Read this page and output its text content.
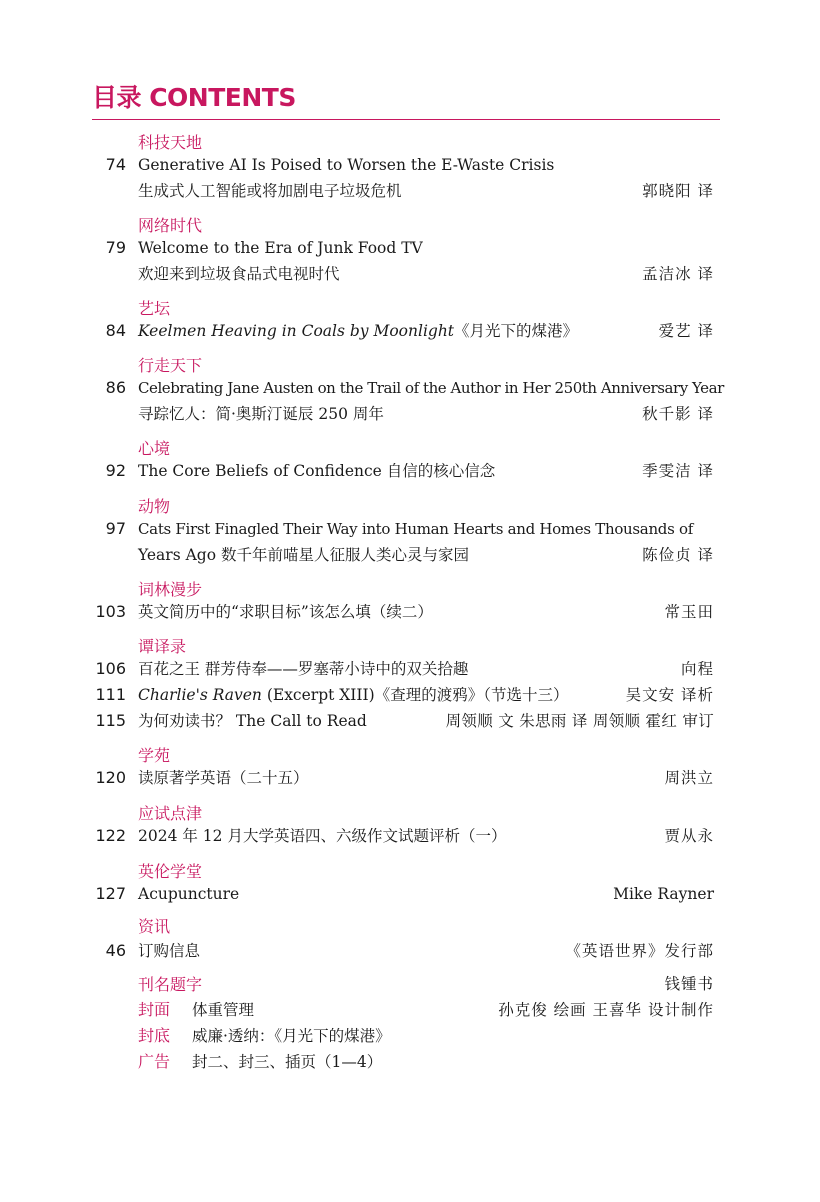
目录 CONTENTS
科技天地
74 Generative AI Is Poised to Worsen the E-Waste Crisis
生成式人工智能或将加剧电子垃圾危机	郭晓阳 译
网络时代
79 Welcome to the Era of Junk Food TV
欢迎来到垃圾食品式电视时代	孟洁冰 译
艺坛
84 Keelmen Heaving in Coals by Moonlight《月光下的煤港》	爱艺 译
行走天下
86 Celebrating Jane Austen on the Trail of the Author in Her 250th Anniversary Year
寻踪忆人：简·奥斯汀诞辰 250 周年	秋千影 译
心境
92 The Core Beliefs of Confidence 自信的核心信念	季雯洁 译
动物
97 Cats First Finagled Their Way into Human Hearts and Homes Thousands of
Years Ago 数千年前喵星人征服人类心灵与家园	陈俭贞 译
词林漫步
103 英文简历中的“求职目标”该怎么填（续二）	常玉田
谭译录
106 百花之王 群芳侍奉——罗塞蒂小诗中的双关拾趣	向程
111 Charlie's Raven (Excerpt XIII)《查理的渡鸦》（节选十三）	吴文安 译析
115 为何劝读书？ The Call to Read	周领顺 文 朱思雨 译 周领顺 霍红 审订
学苑
120 读原著学英语（二十五）	周洪立
应试点津
122 2024 年 12 月大学英语四、六级作文试题评析（一）	贾从永
英伦学堂
127 Acupuncture	Mike Rayner
资讯
46 订购信息	《英语世界》发行部
刊名题字	钱锺书
封面 体重管理	孙克俊 绘画 王喜华 设计制作
封底 威廉·透纳：《月光下的煤港》
广告 封二、封三、插页（1—4）
